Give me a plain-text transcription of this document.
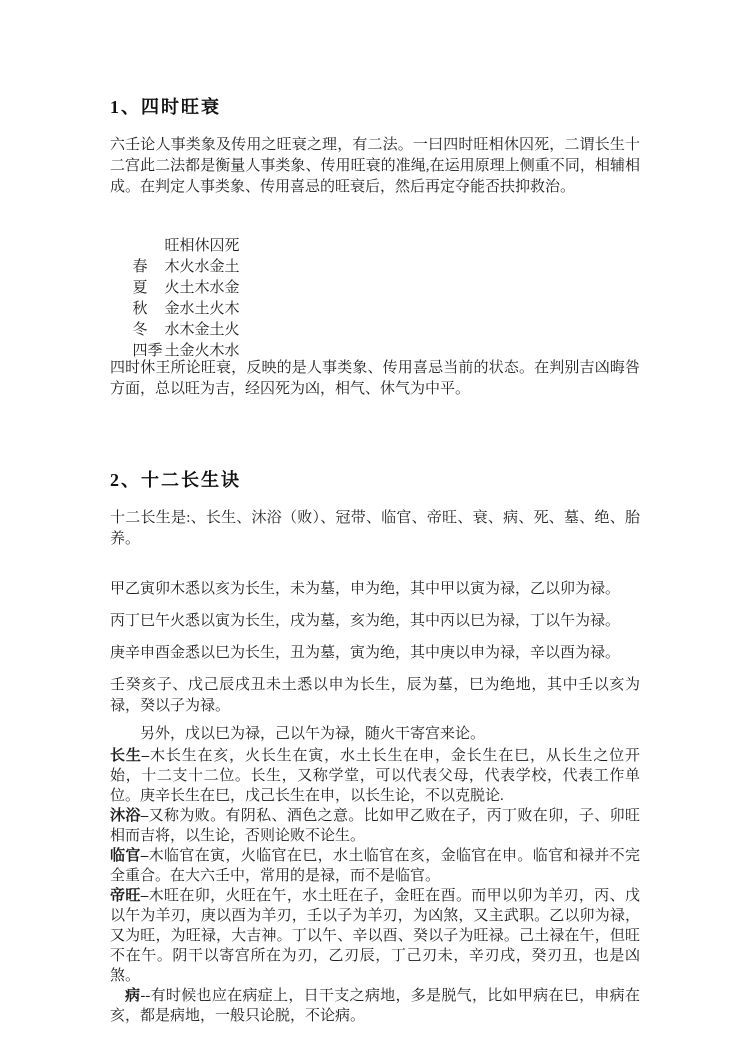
1、四时旺衰

六壬论人事类象及传用之旺衰之理，有二法。一曰四时旺相休囚死，二谓长生十二宫此二法都是衡量人事类象、传用旺衰的准绳,在运用原理上侧重不同，相辅相成。在判定人事类象、传用喜忌的旺衰后，然后再定夺能否扶抑救治。

旺相休囚死

春 木火水金土

夏 火土木水金

秋 金水土火木

冬 水木金土火

四季 土金火木水

四时休王所论旺衰，反映的是人事类象、传用喜忌当前的状态。在判别吉凶晦咎方面，总以旺为吉，经囚死为凶，相气、休气为中平。

2、十二长生诀

十二长生是:、长生、沐浴（败）、冠带、临官、帝旺、衰、病、死、墓、绝、胎养。

甲乙寅卯木悉以亥为长生，未为墓，申为绝，其中甲以寅为禄，乙以卯为禄。

丙丁巳午火悉以寅为长生，戌为墓，亥为绝，其中丙以巳为禄，丁以午为禄。

庚辛申酉金悉以巳为长生，丑为墓，寅为绝，其中庚以申为禄，辛以酉为禄。

壬癸亥子、戊己辰戌丑未土悉以申为长生，辰为墓，巳为绝地，其中壬以亥为禄，癸以子为禄。

另外，戊以巳为禄，己以午为禄，随火干寄宫来论。

长生–木长生在亥，火长生在寅，水土长生在申，金长生在巳，从长生之位开始，十二支十二位。长生，又称学堂，可以代表父母，代表学校，代表工作单位。庚辛长生在巳，戊己长生在申，以长生论，不以克脱论.

沐浴–又称为败。有阴私、酒色之意。比如甲乙败在子，丙丁败在卯，子、卯旺相而吉将，以生论，否则论败不论生。

临官–木临官在寅，火临官在巳，水土临官在亥，金临官在申。临官和禄并不完全重合。在大六壬中，常用的是禄，而不是临官。

帝旺–木旺在卯，火旺在午，水土旺在子，金旺在酉。而甲以卯为羊刃，丙、戊以午为羊刃，庚以酉为羊刃，壬以子为羊刃，为凶煞，又主武职。乙以卯为禄，又为旺，为旺禄，大吉神。丁以午、辛以酉、癸以子为旺禄。己土禄在午，但旺不在午。阴干以寄宫所在为刃，乙刃辰，丁己刃未，辛刃戌，癸刃丑，也是凶煞。

病--有时候也应在病症上，日干支之病地，多是脱气，比如甲病在巳，申病在亥，都是病地，一般只论脱，不论病。
